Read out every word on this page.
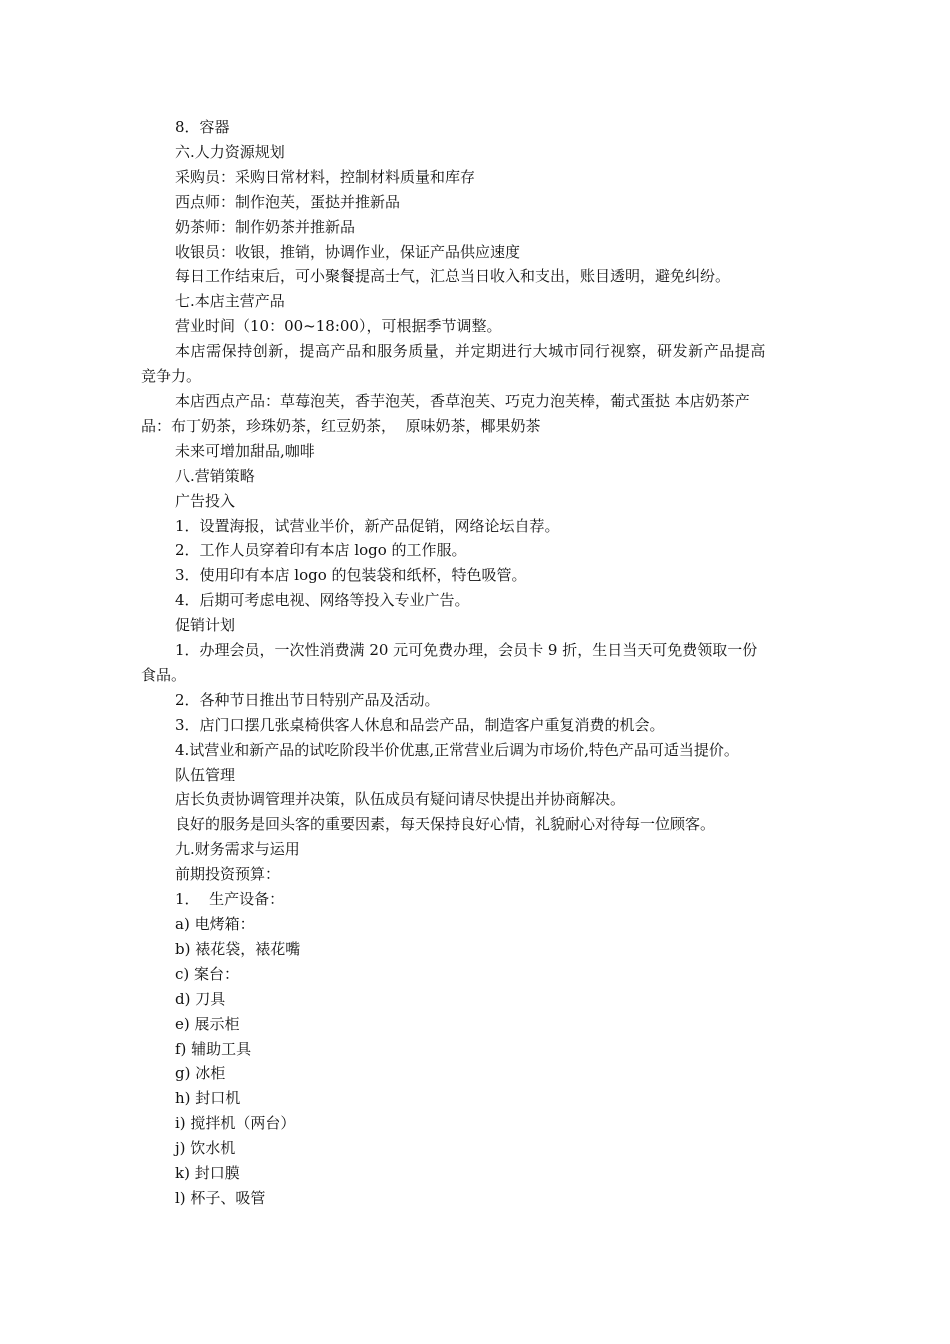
8．容器
六.人力资源规划
采购员：采购日常材料，控制材料质量和库存
西点师：制作泡芙，蛋挞并推新品
奶茶师：制作奶茶并推新品
收银员：收银，推销，协调作业，保证产品供应速度
每日工作结束后，可小聚餐提高士气，汇总当日收入和支出，账目透明，避免纠纷。
七.本店主营产品
营业时间（10：00~18:00），可根据季节调整。
本店需保持创新，提高产品和服务质量，并定期进行大城市同行视察，研发新产品提高
竞争力。
本店西点产品：草莓泡芙，香芋泡芙，香草泡芙、巧克力泡芙棒，葡式蛋挞 本店奶茶产
品：布丁奶茶，珍珠奶茶，红豆奶茶，  原味奶茶，椰果奶茶
未来可增加甜品,咖啡
八.营销策略
广告投入
1．设置海报，试营业半价，新产品促销，网络论坛自荐。
2．工作人员穿着印有本店 logo 的工作服。
3．使用印有本店 logo 的包装袋和纸杯，特色吸管。
4．后期可考虑电视、网络等投入专业广告。
促销计划
1．办理会员，一次性消费满 20 元可免费办理，会员卡 9 折，生日当天可免费领取一份
食品。
2．各种节日推出节日特别产品及活动。
3．店门口摆几张桌椅供客人休息和品尝产品，制造客户重复消费的机会。
4.试营业和新产品的试吃阶段半价优惠,正常营业后调为市场价,特色产品可适当提价。
队伍管理
店长负责协调管理并决策，队伍成员有疑问请尽快提出并协商解决。
良好的服务是回头客的重要因素，每天保持良好心情，礼貌耐心对待每一位顾客。
九.财务需求与运用
前期投资预算：
1．  生产设备：
a) 电烤箱：
b) 裱花袋，裱花嘴
c) 案台：
d) 刀具
e) 展示柜
f) 辅助工具
g) 冰柜
h) 封口机
i) 搅拌机（两台）
j) 饮水机
k) 封口膜
l) 杯子、吸管
